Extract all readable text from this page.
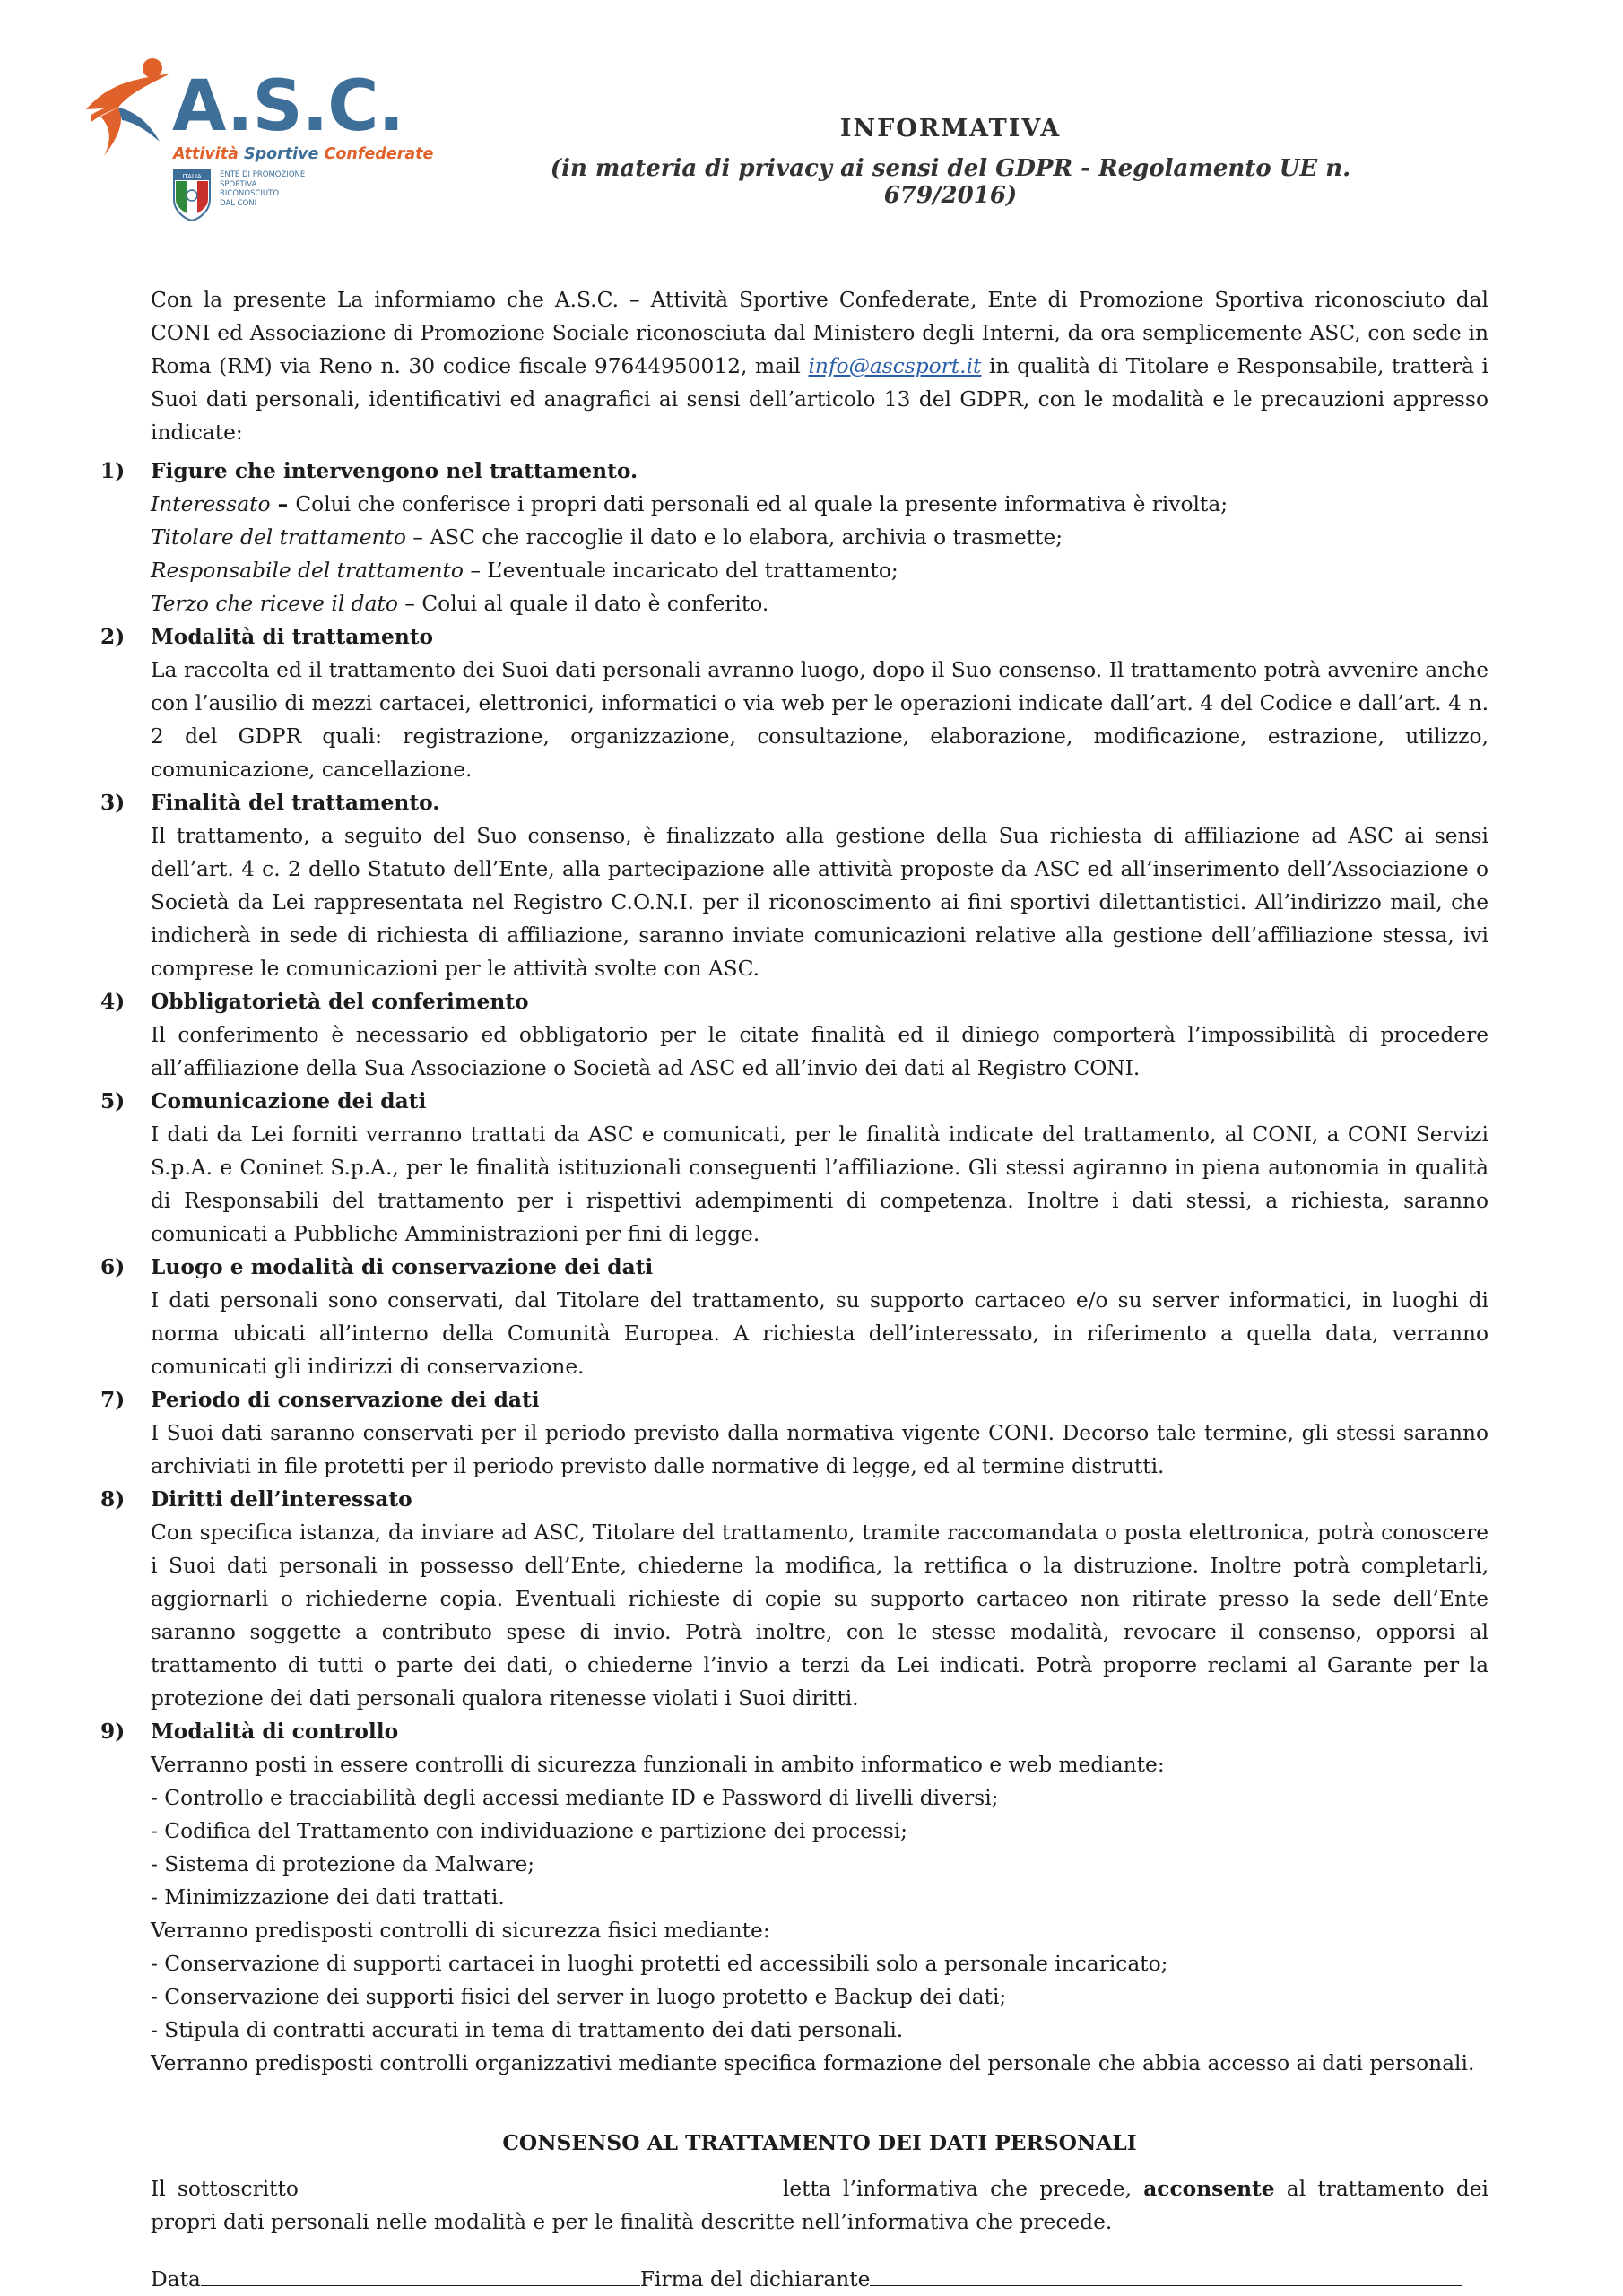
A.S.C.
Attività Sportive Confederate
ITALIA ENTE DI PROMOZIONE
SPORTIVA
RICONOSCIUTO
DAL CONI
INFORMATIVA
(in materia di privacy ai sensi del GDPR - Regolamento UE n. 679/2016)

Con la presente La informiamo che A.S.C. – Attività Sportive Confederate, Ente di Promozione Sportiva riconosciuto dal CONI ed Associazione di Promozione Sociale riconosciuta dal Ministero degli Interni, da ora semplicemente ASC, con sede in Roma (RM) via Reno n. 30 codice fiscale 97644950012, mail info@ascsport.it in qualità di Titolare e Responsabile, tratterà i Suoi dati personali, identificativi ed anagrafici ai sensi dell’articolo 13 del GDPR, con le modalità e le precauzioni appresso indicate:

1)	Figure che intervengono nel trattamento.
Interessato – Colui che conferisce i propri dati personali ed al quale la presente informativa è rivolta;
Titolare del trattamento – ASC che raccoglie il dato e lo elabora, archivia o trasmette;
Responsabile del trattamento – L’eventuale incaricato del trattamento;
Terzo che riceve il dato – Colui al quale il dato è conferito.
2)	Modalità di trattamento
La raccolta ed il trattamento dei Suoi dati personali avranno luogo, dopo il Suo consenso. Il trattamento potrà avvenire anche con l’ausilio di mezzi cartacei, elettronici, informatici o via web per le operazioni indicate dall’art. 4 del Codice e dall’art. 4 n. 2 del GDPR quali: registrazione, organizzazione, consultazione, elaborazione, modificazione, estrazione, utilizzo, comunicazione, cancellazione.
3)	Finalità del trattamento.
Il trattamento, a seguito del Suo consenso, è finalizzato alla gestione della Sua richiesta di affiliazione ad ASC ai sensi dell’art. 4 c. 2 dello Statuto dell’Ente, alla partecipazione alle attività proposte da ASC ed all’inserimento dell’Associazione o Società da Lei rappresentata nel Registro C.O.N.I. per il riconoscimento ai fini sportivi dilettantistici. All’indirizzo mail, che indicherà in sede di richiesta di affiliazione, saranno inviate comunicazioni relative alla gestione dell’affiliazione stessa, ivi comprese le comunicazioni per le attività svolte con ASC.
4)	Obbligatorietà del conferimento
Il conferimento è necessario ed obbligatorio per le citate finalità ed il diniego comporterà l’impossibilità di procedere all’affiliazione della Sua Associazione o Società ad ASC ed all’invio dei dati al Registro CONI.
5)	Comunicazione dei dati
I dati da Lei forniti verranno trattati da ASC e comunicati, per le finalità indicate del trattamento, al CONI, a CONI Servizi S.p.A. e Coninet S.p.A., per le finalità istituzionali conseguenti l’affiliazione. Gli stessi agiranno in piena autonomia in qualità di Responsabili del trattamento per i rispettivi adempimenti di competenza. Inoltre i dati stessi, a richiesta, saranno comunicati a Pubbliche Amministrazioni per fini di legge.
6)	Luogo e modalità di conservazione dei dati
I dati personali sono conservati, dal Titolare del trattamento, su supporto cartaceo e/o su server informatici, in luoghi di norma ubicati all’interno della Comunità Europea. A richiesta dell’interessato, in riferimento a quella data, verranno comunicati gli indirizzi di conservazione.
7)	Periodo di conservazione dei dati
I Suoi dati saranno conservati per il periodo previsto dalla normativa vigente CONI. Decorso tale termine, gli stessi saranno archiviati in file protetti per il periodo previsto dalle normative di legge, ed al termine distrutti.
8)	Diritti dell’interessato
Con specifica istanza, da inviare ad ASC, Titolare del trattamento, tramite raccomandata o posta elettronica, potrà conoscere i Suoi dati personali in possesso dell’Ente, chiederne la modifica, la rettifica o la distruzione. Inoltre potrà completarli, aggiornarli o richiederne copia. Eventuali richieste di copie su supporto cartaceo non ritirate presso la sede dell’Ente saranno soggette a contributo spese di invio. Potrà inoltre, con le stesse modalità, revocare il consenso, opporsi al trattamento di tutti o parte dei dati, o chiederne l’invio a terzi da Lei indicati. Potrà proporre reclami al Garante per la protezione dei dati personali qualora ritenesse violati i Suoi diritti.
9)	Modalità di controllo
Verranno posti in essere controlli di sicurezza funzionali in ambito informatico e web mediante:
- Controllo e tracciabilità degli accessi mediante ID e Password di livelli diversi;
- Codifica del Trattamento con individuazione e partizione dei processi;
- Sistema di protezione da Malware;
- Minimizzazione dei dati trattati.
Verranno predisposti controlli di sicurezza fisici mediante:
- Conservazione di supporti cartacei in luoghi protetti ed accessibili solo a personale incaricato;
- Conservazione dei supporti fisici del server in luogo protetto e Backup dei dati;
- Stipula di contratti accurati in tema di trattamento dei dati personali.
Verranno predisposti controlli organizzativi mediante specifica formazione del personale che abbia accesso ai dati personali.
CONSENSO AL TRATTAMENTO DEI DATI PERSONALI
Il sottoscritto	letta l’informativa che precede, acconsente al trattamento dei propri dati personali nelle modalità e per le finalità descritte nell’informativa che precede.
Data	Firma del dichiarante
